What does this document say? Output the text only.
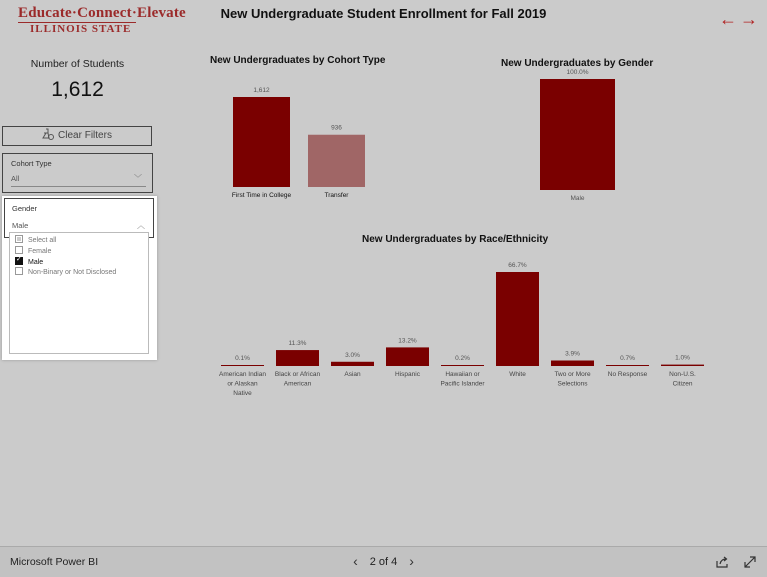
Educate·Connect·Elevate
ILLINOIS STATE
New Undergraduate Student Enrollment for Fall 2019	←→
Number of Students
1,612
Clear Filters
Cohort Type
All	﹀
New Undergraduates by Cohort Type
1,612
First Time in College
936
Transfer
New Undergraduates by Gender
100.0%
Male
New Undergraduates by Race/Ethnicity
0.1%
American Indian
or Alaskan
Native
11.3%
Black or African
American
3.0%
Asian
13.2%
Hispanic
0.2%
Hawaiian or
Pacific Islander
66.7%
White
3.9%
Two or More
Selections
0.7%
No Response
1.0%
Non-U.S.
Citizen
Gender
Male	︿
Select all
Female
✓Male
Non-Binary or Not Disclosed
Microsoft Power BI	‹ 2 of 4 ›
